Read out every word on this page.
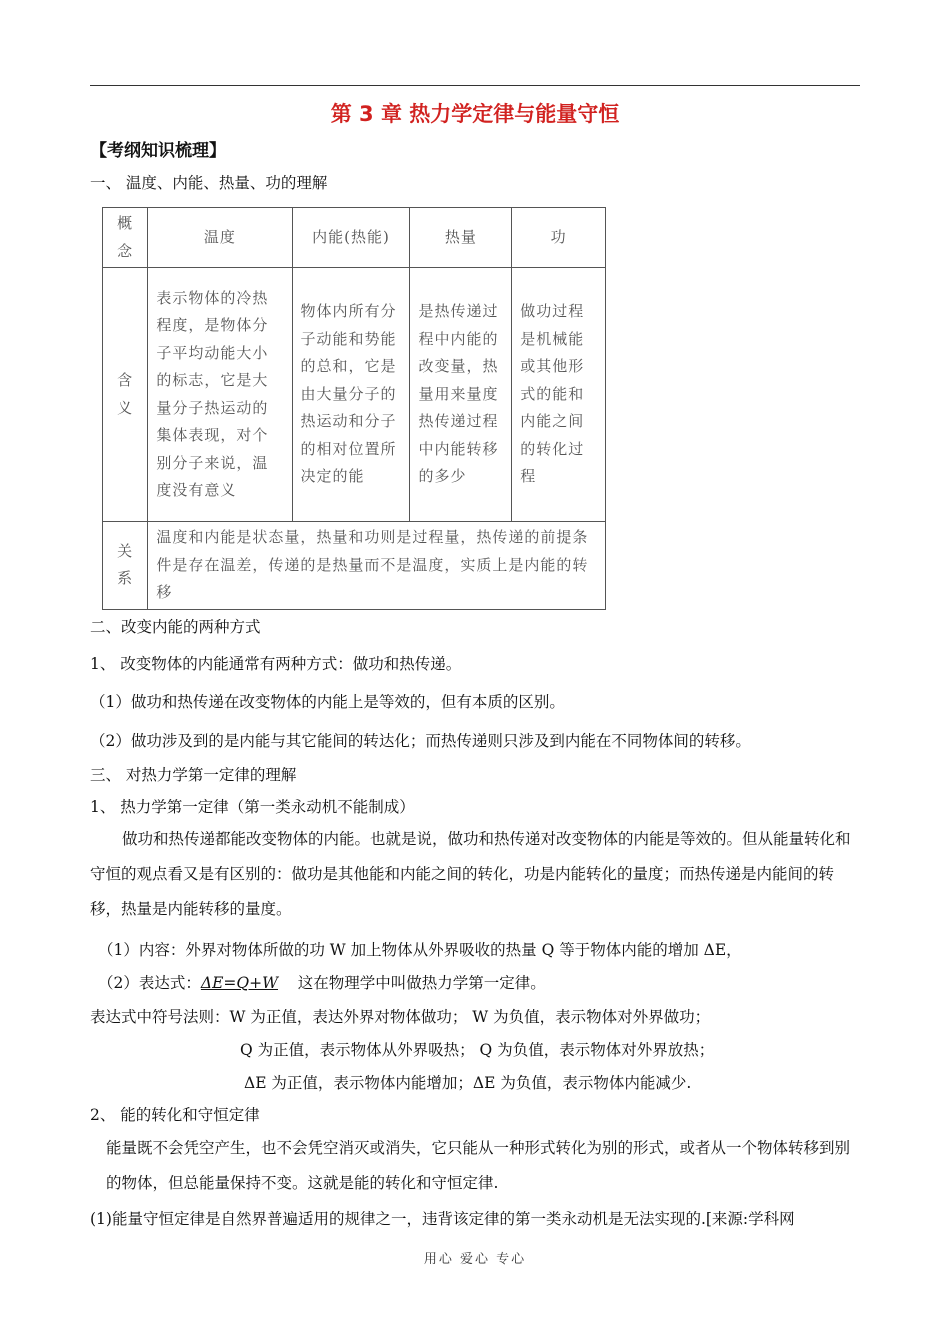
第 3 章 热力学定律与能量守恒
【考纲知识梳理】
一、 温度、内能、热量、功的理解
概念	温度	内能(热能)	热量	功
含义	表示物体的冷热程度，是物体分子平均动能大小的标志，它是大量分子热运动的集体表现，对个别分子来说，温度没有意义	物体内所有分子动能和势能的总和，它是由大量分子的热运动和分子的相对位置所决定的能	是热传递过程中内能的改变量，热量用来量度热传递过程中内能转移的多少	做功过程是机械能或其他形式的能和内能之间的转化过程
关系	温度和内能是状态量，热量和功则是过程量，热传递的前提条件是存在温差，传递的是热量而不是温度，实质上是内能的转移			
二、改变内能的两种方式
1、 改变物体的内能通常有两种方式：做功和热传递。
（1）做功和热传递在改变物体的内能上是等效的，但有本质的区别。
（2）做功涉及到的是内能与其它能间的转达化；而热传递则只涉及到内能在不同物体间的转移。
三、 对热力学第一定律的理解
1、 热力学第一定律（第一类永动机不能制成）
做功和热传递都能改变物体的内能。也就是说，做功和热传递对改变物体的内能是等效的。但从能量转化和守恒的观点看又是有区别的：做功是其他能和内能之间的转化，功是内能转化的量度；而热传递是内能间的转移，热量是内能转移的量度。
（1）内容：外界对物体所做的功 W 加上物体从外界吸收的热量 Q 等于物体内能的增加 ΔE，
（2）表达式：ΔE=Q+W 这在物理学中叫做热力学第一定律。
表达式中符号法则：W 为正值，表达外界对物体做功； W 为负值，表示物体对外界做功；
Q 为正值，表示物体从外界吸热； Q 为负值，表示物体对外界放热；
ΔE 为正值，表示物体内能增加；ΔE 为负值，表示物体内能减少.
2、 能的转化和守恒定律
能量既不会凭空产生，也不会凭空消灭或消失，它只能从一种形式转化为别的形式，或者从一个物体转移到别的物体，但总能量保持不变。这就是能的转化和守恒定律.
(1)能量守恒定律是自然界普遍适用的规律之一，违背该定律的第一类永动机是无法实现的.[来源:学科网
用心 爱心 专心
